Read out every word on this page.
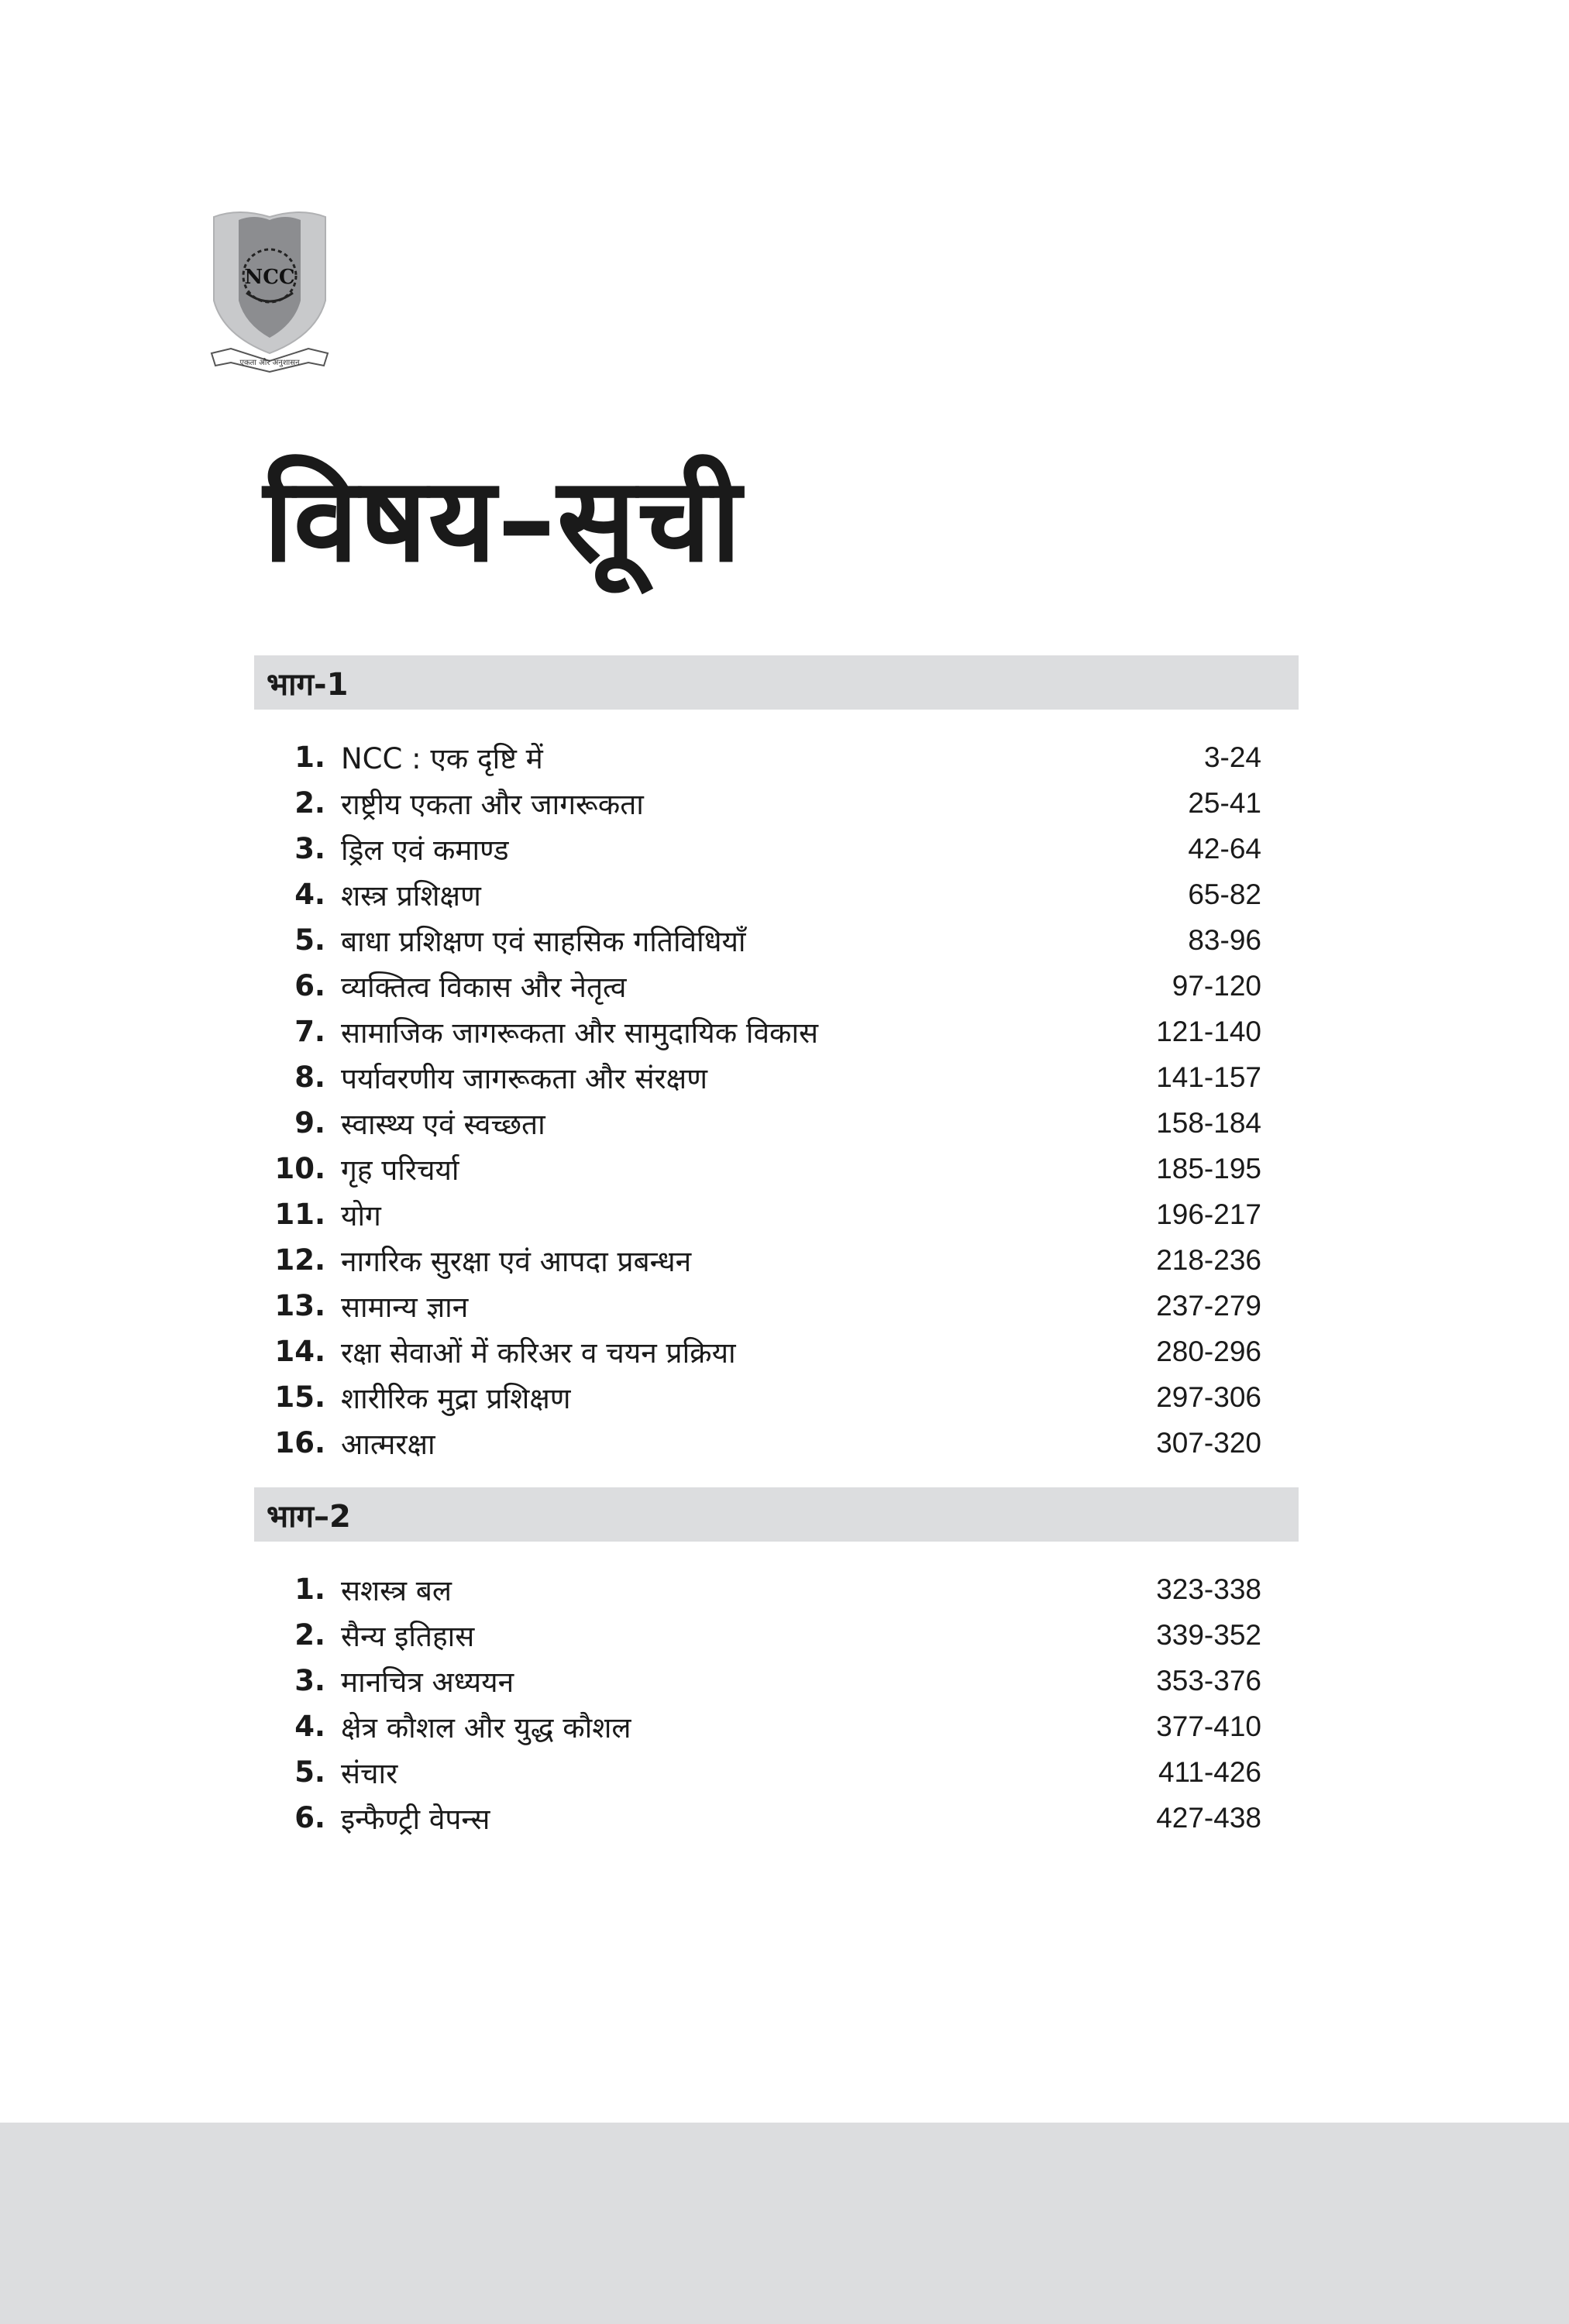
NCC
एकता और अनुशासन
विषय–सूची
भाग-1
1. NCC : एक दृष्टि में	3-24
2. राष्ट्रीय एकता और जागरूकता	25-41
3. ड्रिल एवं कमाण्ड	42-64
4. शस्त्र प्रशिक्षण	65-82
5. बाधा प्रशिक्षण एवं साहसिक गतिविधियाँ	83-96
6. व्यक्तित्व विकास और नेतृत्व	97-120
7. सामाजिक जागरूकता और सामुदायिक विकास	121-140
8. पर्यावरणीय जागरूकता और संरक्षण	141-157
9. स्वास्थ्य एवं स्वच्छता	158-184
10. गृह परिचर्या	185-195
11. योग	196-217
12. नागरिक सुरक्षा एवं आपदा प्रबन्धन	218-236
13. सामान्य ज्ञान	237-279
14. रक्षा सेवाओं में करिअर व चयन प्रक्रिया	280-296
15. शारीरिक मुद्रा प्रशिक्षण	297-306
16. आत्मरक्षा	307-320
भाग–2
1. सशस्त्र बल	323-338
2. सैन्य इतिहास	339-352
3. मानचित्र अध्ययन	353-376
4. क्षेत्र कौशल और युद्ध कौशल	377-410
5. संचार	411-426
6. इन्फैण्ट्री वेपन्स	427-438
